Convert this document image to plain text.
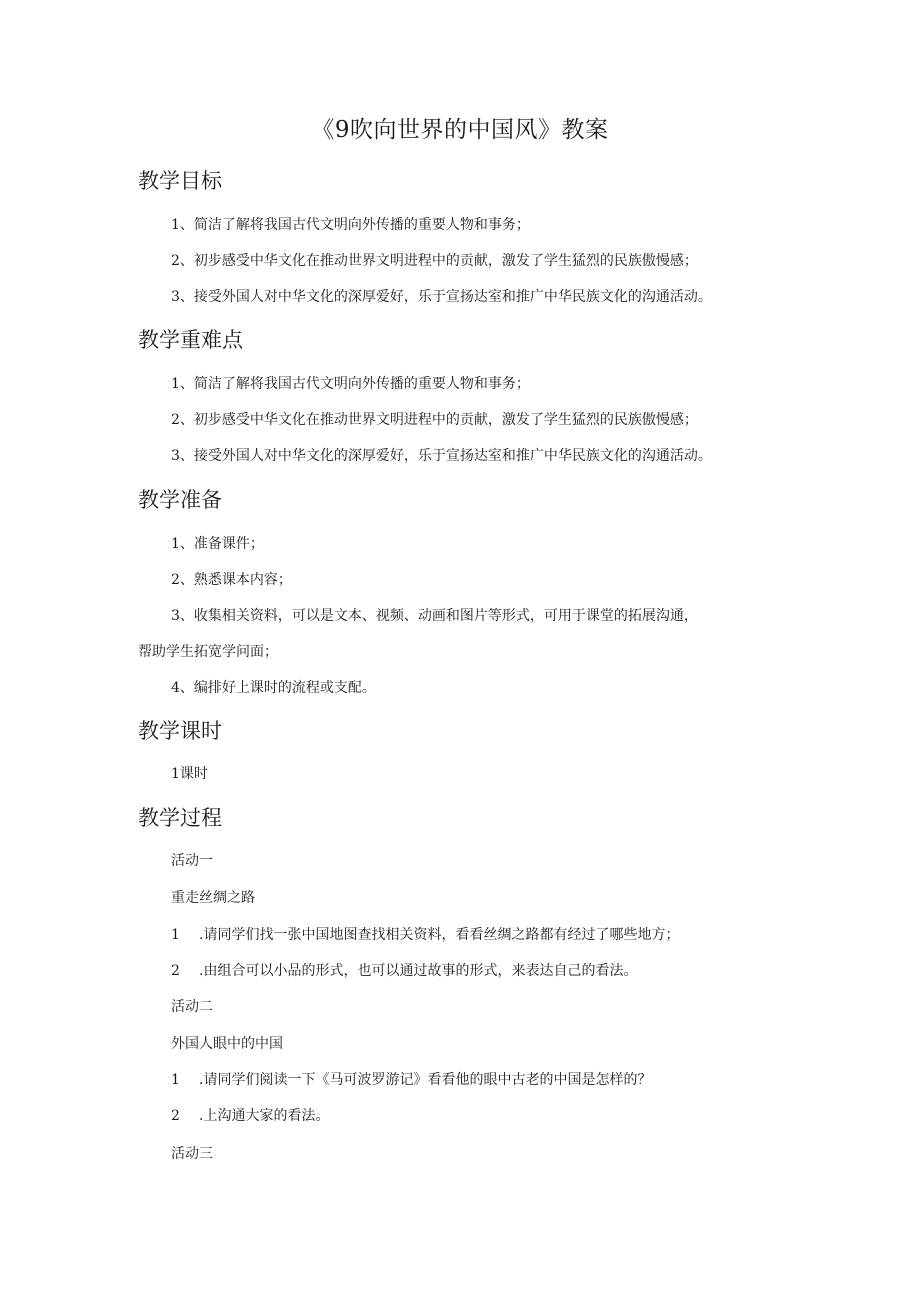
《9吹向世界的中国风》教案
教学目标
1、简洁了解将我国古代文明向外传播的重要人物和事务；
2、初步感受中华文化在推动世界文明进程中的贡献，激发了学生猛烈的民族傲慢感；
3、接受外国人对中华文化的深厚爱好，乐于宣扬达室和推广中华民族文化的沟通活动。
教学重难点
1、简洁了解将我国古代文明向外传播的重要人物和事务；
2、初步感受中华文化在推动世界文明进程中的贡献，激发了学生猛烈的民族傲慢感；
3、接受外国人对中华文化的深厚爱好，乐于宣扬达室和推广中华民族文化的沟通活动。
教学准备
1、准备课件；
2、熟悉课本内容；
3、收集相关资料，可以是文本、视频、动画和图片等形式，可用于课堂的拓展沟通，
帮助学生拓宽学问面；
4、编排好上课时的流程或支配。
教学课时
1课时
教学过程
活动一
重走丝绸之路
1 .请同学们找一张中国地图查找相关资料，看看丝绸之路都有经过了哪些地方；
2 .由组合可以小品的形式，也可以通过故事的形式，来表达自己的看法。
活动二
外国人眼中的中国
1 .请同学们阅读一下《马可波罗游记》看看他的眼中古老的中国是怎样的？
2 .上沟通大家的看法。
活动三
